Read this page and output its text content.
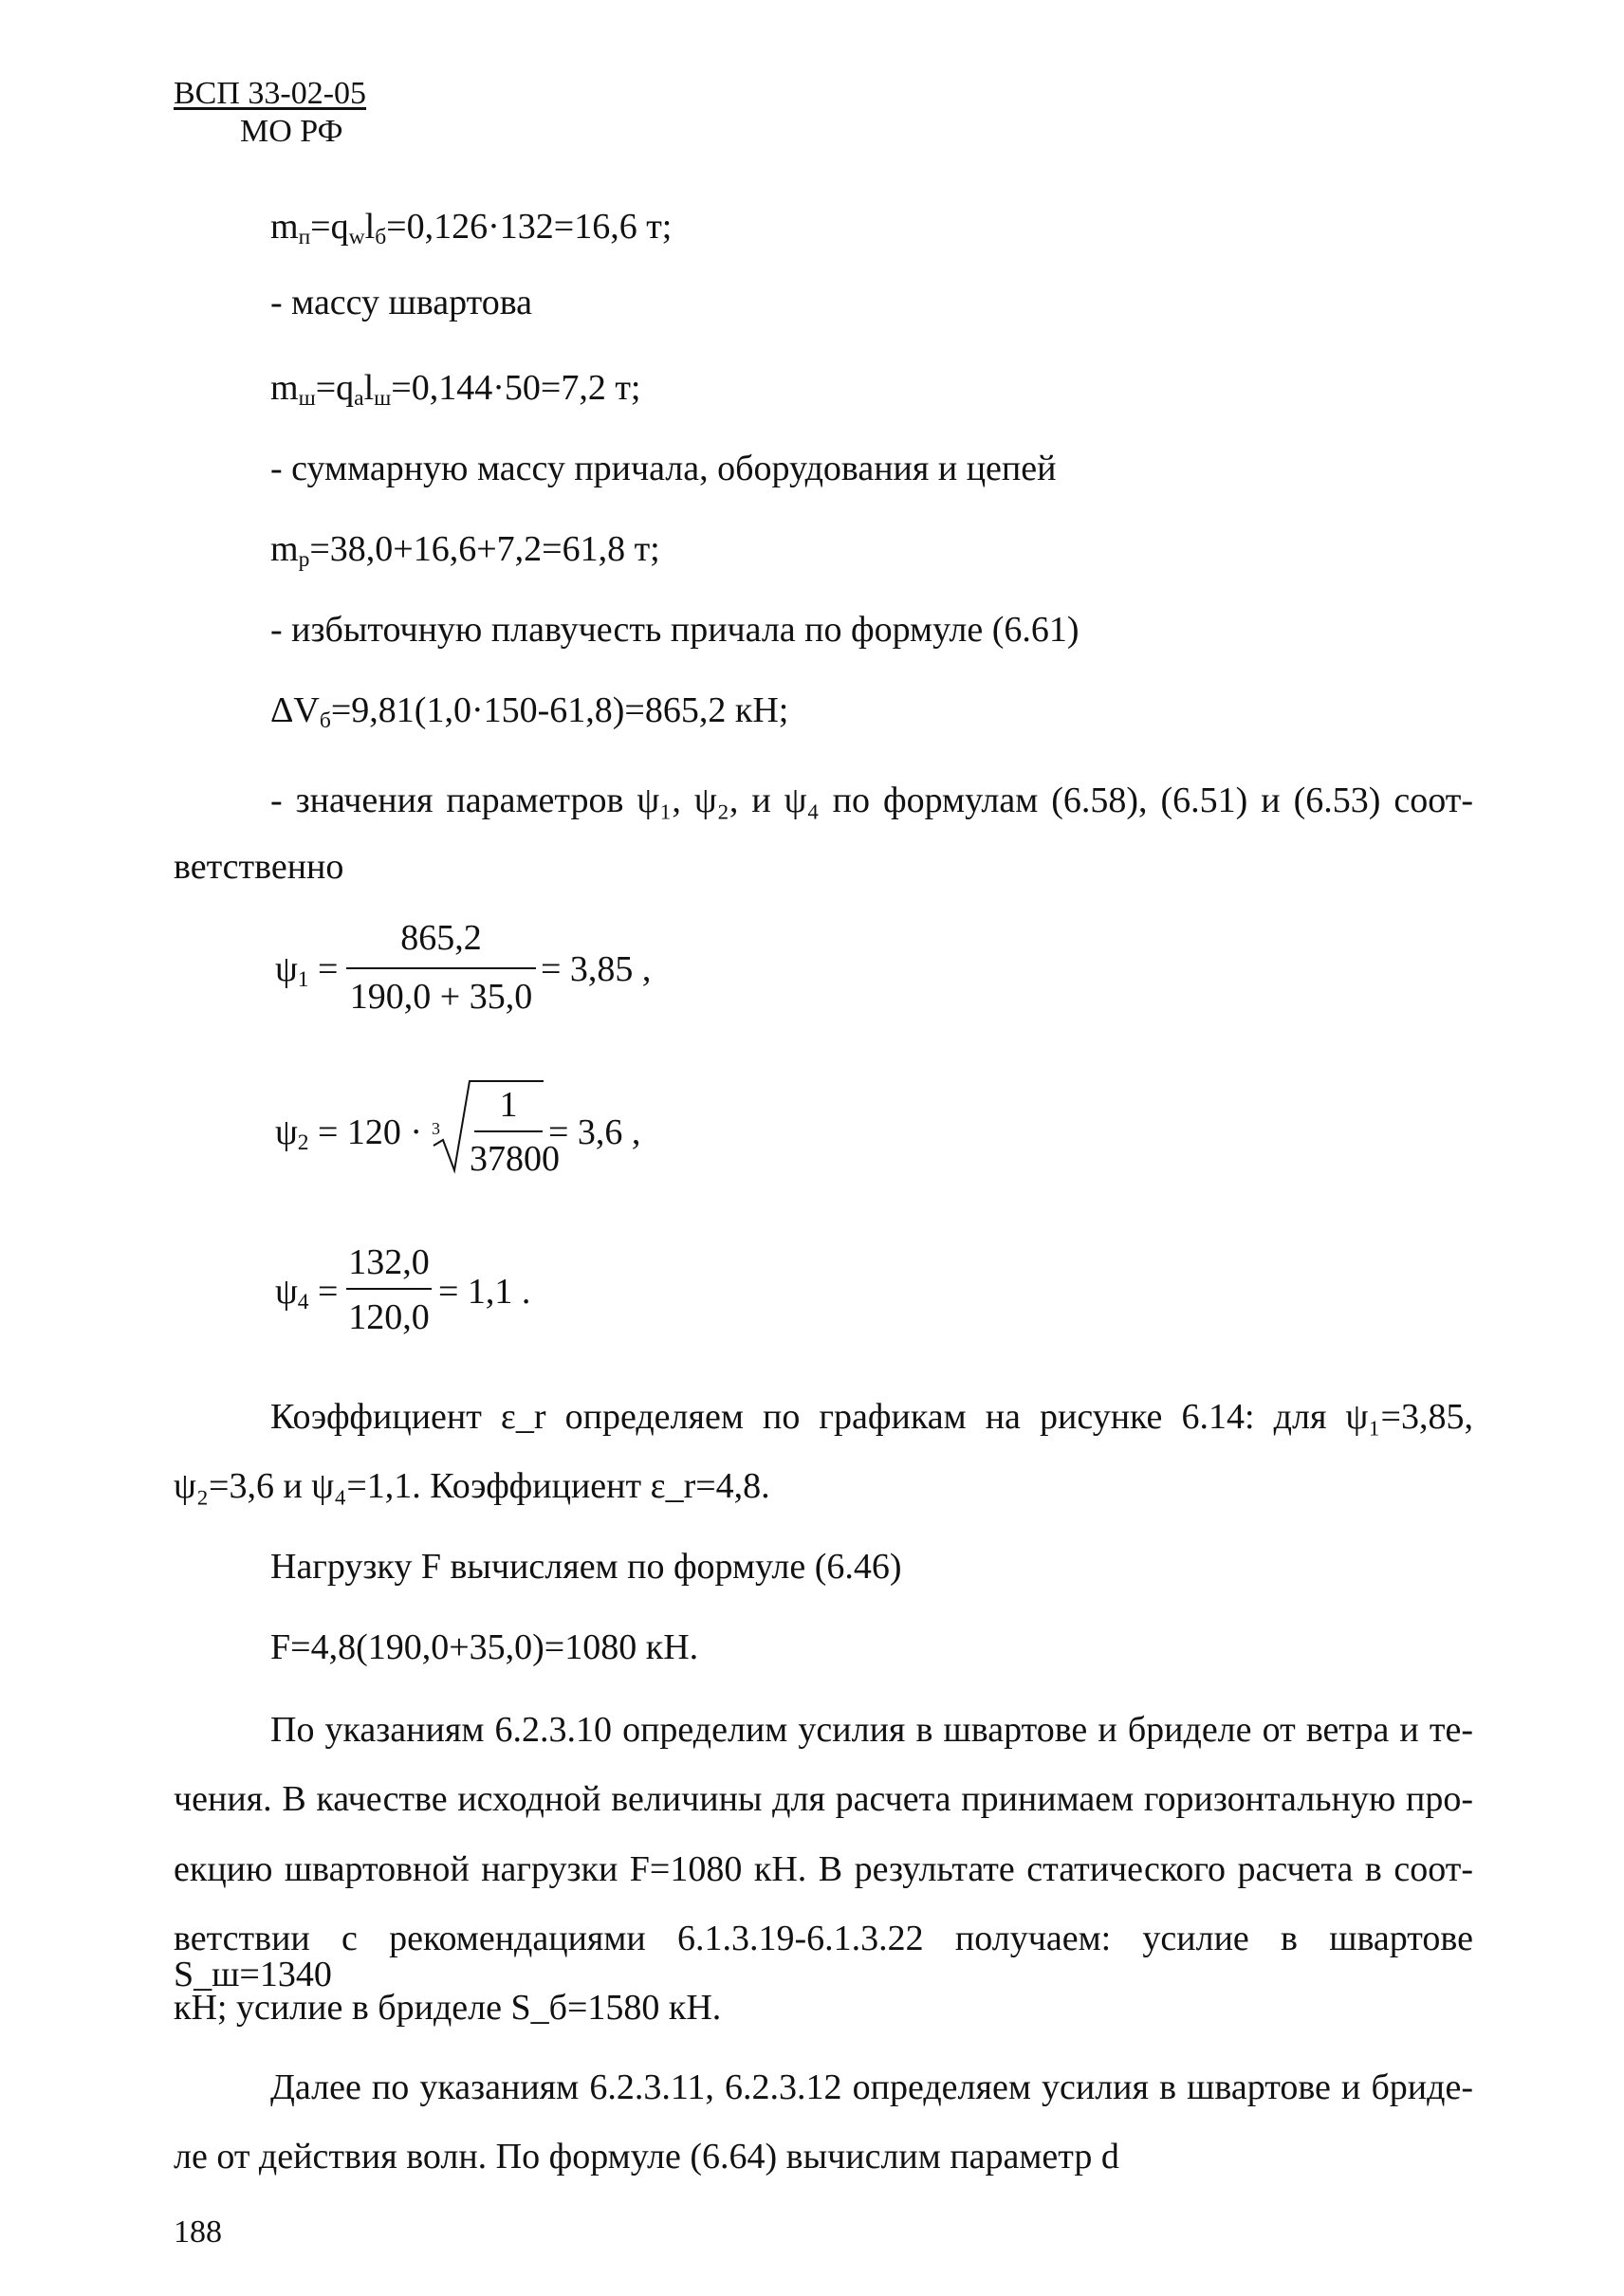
ВСП 33-02-05
МО РФ
$m_п=q_wl_б=0,126\cdot 132=16,6$ т;
- массу швартова
$m_ш=q_al_ш=0,144\cdot 50=7,2$ т;
- суммарную массу причала, оборудования и цепей
$m_p=38,0+16,6+7,2=61,8$ т;
- избыточную плавучесть причала по формуле (6.61)
$\Delta V_б=9,81(1,0\cdot 150-61,8)=865,2$ кН;
- значения параметров ψ₁, ψ₂, и ψ₄ по формулам (6.58), (6.51) и (6.53) соот-
ветственно
$\psi_1$ =
865,2
190,0 + 35,0
= 3,85 ,
$\psi_2 = 120 \cdot 3$
1
37800
= 3,6 ,
$\psi_4$ =
132,0
120,0
= 1,1 .
Коэффициент ε_r определяем по графикам на рисунке 6.14: для ψ₁=3,85,
ψ₂=3,6 и ψ₄=1,1. Коэффициент ε_r=4,8.
Нагрузку F вычисляем по формуле (6.46)
F=4,8(190,0+35,0)=1080 кН.
По указаниям 6.2.3.10 определим усилия в швартове и бриделе от ветра и те-
чения. В качестве исходной величины для расчета принимаем горизонтальную про-
екцию швартовной нагрузки F=1080 кН. В результате статического расчета в соот-
ветствии с рекомендациями 6.1.3.19-6.1.3.22 получаем: усилие в швартове S_ш=1340
кН; усилие в бриделе S_б=1580 кН.
Далее по указаниям 6.2.3.11, 6.2.3.12 определяем усилия в швартове и бриде-
ле от действия волн. По формуле (6.64) вычислим параметр d
188
